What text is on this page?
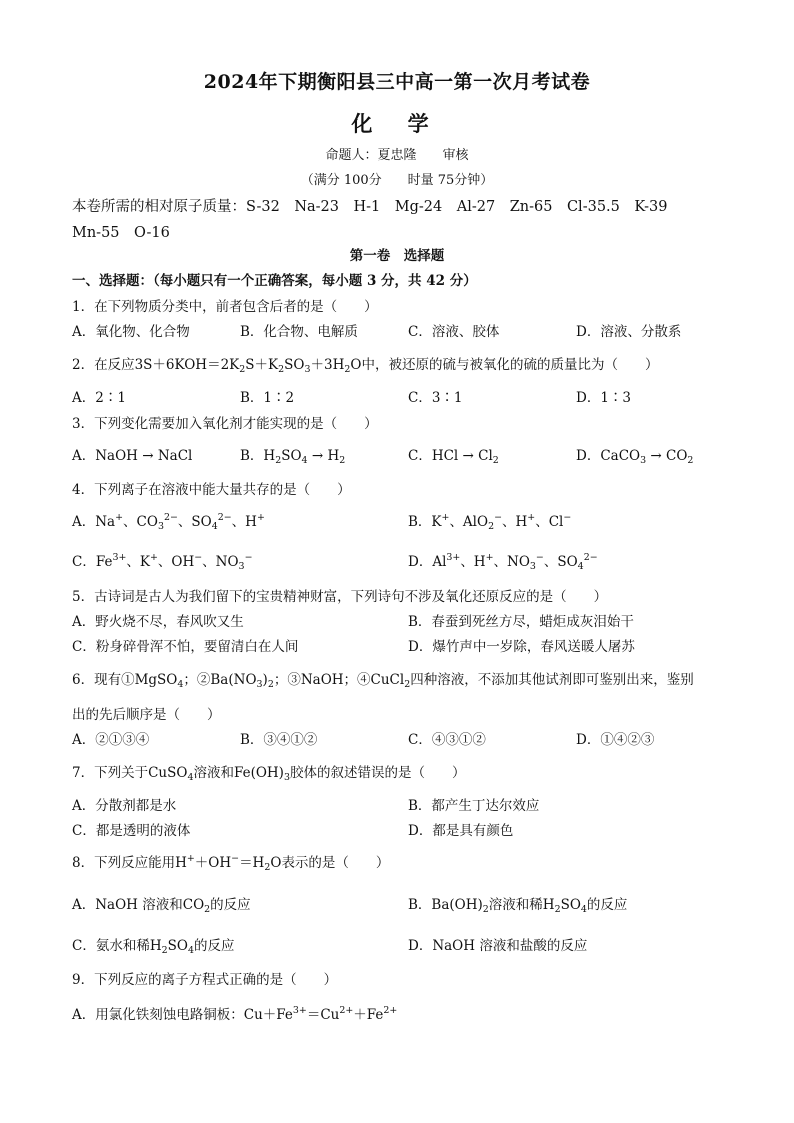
2024年下期衡阳县三中高一第一次月考试卷
化 学
命题人：夏忠隆　　审核
（满分 100分　　时量 75分钟）
本卷所需的相对原子质量：S-32　Na-23　H-1　Mg-24　Al-27　Zn-65　Cl-35.5　K-39
Mn-55　O-16
第一卷　选择题
一、选择题：（每小题只有一个正确答案，每小题 3 分，共 42 分）
1．在下列物质分类中，前者包含后者的是（　　）
A．氧化物、化合物	B．化合物、电解质	C．溶液、胶体	D．溶液、分散系
2．在反应$3S+6KOH=2K_2S+K_2SO_3+3H_2O$中，被还原的硫与被氧化的硫的质量比为（　　）
A．2∶1	B．1∶2	C．3∶1	D．1∶3
3．下列变化需要加入氧化剂才能实现的是（　　）
A．NaOH → NaCl	B．$H_2SO_4 \to H_2$	C．HCl → $Cl_2$	D．CaCO$_3$ → $CO_2$
4．下列离子在溶液中能大量共存的是（　　）
A．Na+、$CO_3^{2-}$、$SO_4^{2-}$、H+	B．K+、AlO$_2$−、H+、Cl−
C．$Fe^{3+}$、K+、OH−、$NO_3^-$	D．$Al^{3+}$、H+、$NO_3^-$、$SO_4^{2-}$
5．古诗词是古人为我们留下的宝贵精神财富，下列诗句不涉及氧化还原反应的是（　　）
A．野火烧不尽，春风吹又生	B．春蚕到死丝方尽，蜡炬成灰泪始干
C．粉身碎骨浑不怕，要留清白在人间	D．爆竹声中一岁除，春风送暖人屠苏
6．现有①MgSO$_4$；$②Ba(NO_3)_2$；③NaOH；④CuCl$_2$四种溶液，不添加其他试剂即可鉴别出来，鉴别
出的先后顺序是（　　）
A．②①③④	B．③④①②	C．④③①②	D．①④②③
7．下列关于CuSO$_4$溶液和$Fe(OH)_3$胶体的叙述错误的是（　　）
A．分散剂都是水	B．都产生丁达尔效应
C．都是透明的液体	D．都是具有颜色
8．下列反应能用$H^++OH^-=H_2O$表示的是（　　）
A．NaOH 溶液和$CO_2$的反应	B．$Ba(OH)_2$溶液和稀$H_2SO_4$的反应
C．氨水和稀$H_2SO_4$的反应	D．NaOH 溶液和盐酸的反应
9．下列反应的离子方程式正确的是（　　）
A．用氯化铁刻蚀电路铜板：$Cu+Fe^{3+}=Cu^{2+}+Fe^{2+}$
